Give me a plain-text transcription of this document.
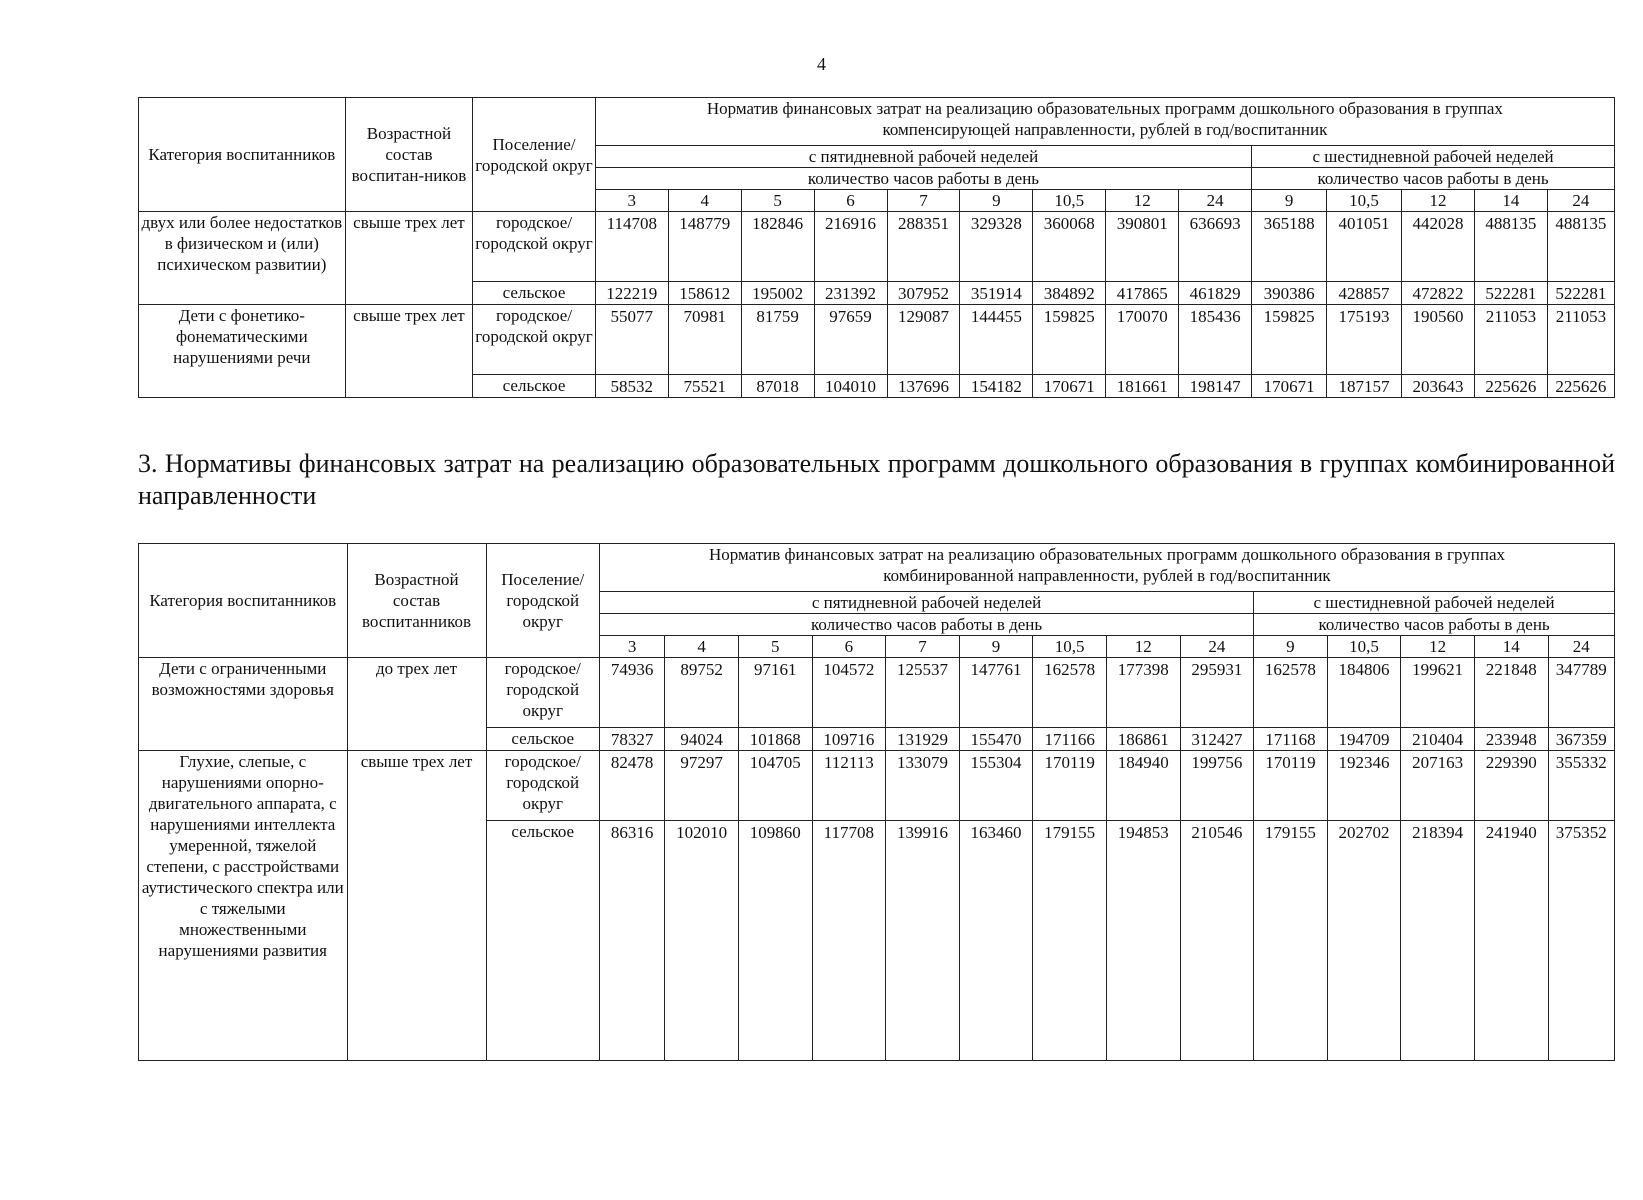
4
Категория воспитанников	Возрастной состав воспитан-ников	Поселение/ городской округ	Норматив финансовых затрат на реализацию образовательных программ дошкольного образования в группах компенсирующей направленности, рублей в год/воспитанник													
			с пятидневной рабочей неделей									с шестидневной рабочей неделей				
			количество часов работы в день									количество часов работы в день				
			3	4	5	6	7	9	10,5	12	24	9	10,5	12	14	24
двух или более недостатков в физическом и (или) психическом развитии)	свыше трех лет	городское/ городской округ	114708	148779	182846	216916	288351	329328	360068	390801	636693	365188	401051	442028	488135	488135
		сельское	122219	158612	195002	231392	307952	351914	384892	417865	461829	390386	428857	472822	522281	522281
Дети с фонетико-фонематическими нарушениями речи	свыше трех лет	городское/ городской округ	55077	70981	81759	97659	129087	144455	159825	170070	185436	159825	175193	190560	211053	211053
		сельское	58532	75521	87018	104010	137696	154182	170671	181661	198147	170671	187157	203643	225626	225626
3. Нормативы финансовых затрат на реализацию образовательных программ дошкольного образования в группах комбинированной направленности
Категория воспитанников	Возрастной состав воспитанников	Поселение/ городской округ	Норматив финансовых затрат на реализацию образовательных программ дошкольного образования в группах комбинированной направленности, рублей в год/воспитанник													
			с пятидневной рабочей неделей									с шестидневной рабочей неделей				
			количество часов работы в день									количество часов работы в день				
			3	4	5	6	7	9	10,5	12	24	9	10,5	12	14	24
Дети с ограниченными возможностями здоровья	до трех лет	городское/ городской округ	74936	89752	97161	104572	125537	147761	162578	177398	295931	162578	184806	199621	221848	347789
		сельское	78327	94024	101868	109716	131929	155470	171166	186861	312427	171168	194709	210404	233948	367359
Глухие, слепые, с нарушениями опорно-двигательного аппарата, с нарушениями интеллекта умеренной, тяжелой степени, с расстройствами аутистического спектра или с тяжелыми множественными нарушениями развития	свыше трех лет	городское/ городской округ	82478	97297	104705	112113	133079	155304	170119	184940	199756	170119	192346	207163	229390	355332
		сельское	86316	102010	109860	117708	139916	163460	179155	194853	210546	179155	202702	218394	241940	375352
